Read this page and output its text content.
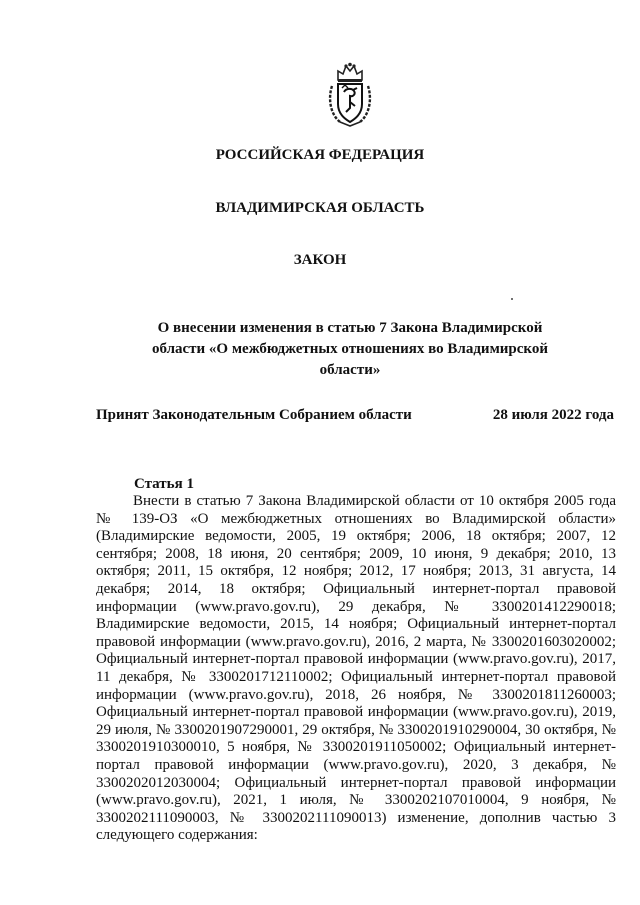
РОССИЙСКАЯ ФЕДЕРАЦИЯ
ВЛАДИМИРСКАЯ ОБЛАСТЬ
ЗАКОН
О внесении изменения в статью 7 Закона Владимирской области «О межбюджетных отношениях во Владимирской области»
Принят Законодательным Собранием области	28 июля 2022 года
Статья 1

Внести в статью 7 Закона Владимирской области от 10 октября 2005 года № 139-ОЗ «О межбюджетных отношениях во Владимирской области» (Владимирские ведомости, 2005, 19 октября; 2006, 18 октября; 2007, 12 сентября; 2008, 18 июня, 20 сентября; 2009, 10 июня, 9 декабря; 2010, 13 октября; 2011, 15 октября, 12 ноября; 2012, 17 ноября; 2013, 31 августа, 14 декабря; 2014, 18 октября; Официальный интернет-портал правовой информации (www.pravo.gov.ru), 29 декабря, № 3300201412290018; Владимирские ведомости, 2015, 14 ноября; Официальный интернет-портал правовой информации (www.pravo.gov.ru), 2016, 2 марта, № 3300201603020002; Официальный интернет-портал правовой информации (www.pravo.gov.ru), 2017, 11 декабря, № 3300201712110002; Официальный интернет-портал правовой информации (www.pravo.gov.ru), 2018, 26 ноября, № 3300201811260003; Официальный интернет-портал правовой информации (www.pravo.gov.ru), 2019, 29 июля, № 3300201907290001, 29 октября, № 3300201910290004, 30 октября, № 3300201910300010, 5 ноября, № 3300201911050002; Официальный интернет-портал правовой информации (www.pravo.gov.ru), 2020, 3 декабря, № 3300202012030004; Официальный интернет-портал правовой информации (www.pravo.gov.ru), 2021, 1 июля, № 3300202107010004, 9 ноября, № 3300202111090003, № 3300202111090013) изменение, дополнив частью 3 следующего содержания:
